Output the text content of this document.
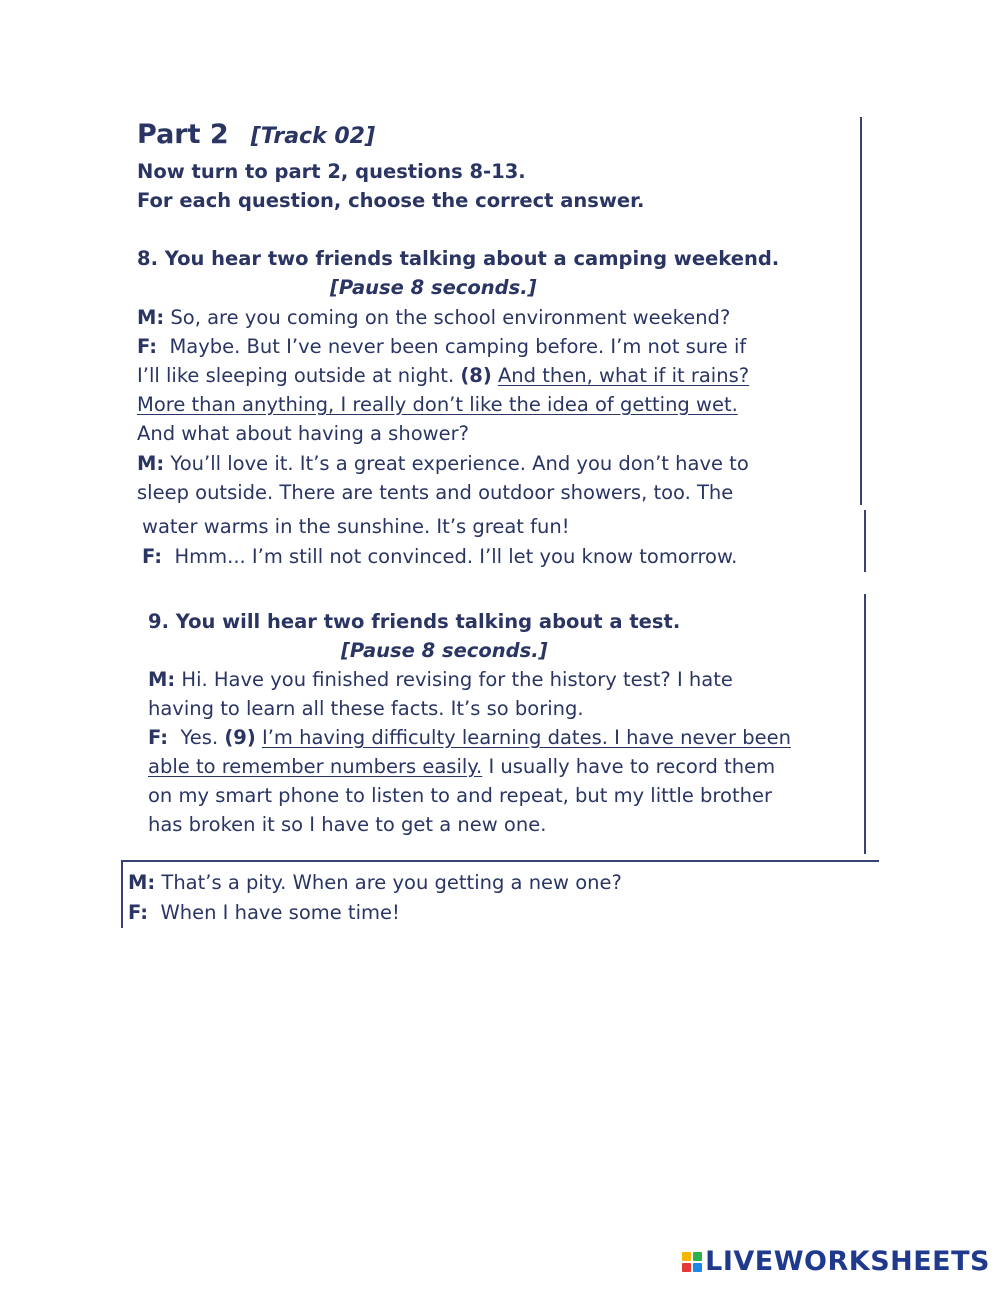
Part 2 [Track 02]
Now turn to part 2, questions 8-13.
For each question, choose the correct answer.
8. You hear two friends talking about a camping weekend.
[Pause 8 seconds.]
M: So, are you coming on the school environment weekend?
F: Maybe. But I’ve never been camping before. I’m not sure if
I’ll like sleeping outside at night. (8) And then, what if it rains?
More than anything, I really don’t like the idea of getting wet.
And what about having a shower?
M: You’ll love it. It’s a great experience. And you don’t have to
sleep outside. There are tents and outdoor showers, too. The
water warms in the sunshine. It’s great fun!
F: Hmm... I’m still not convinced. I’ll let you know tomorrow.
9. You will hear two friends talking about a test.
[Pause 8 seconds.]
M: Hi. Have you finished revising for the history test? I hate
having to learn all these facts. It’s so boring.
F: Yes. (9) I’m having difficulty learning dates. I have never been
able to remember numbers easily. I usually have to record them
on my smart phone to listen to and repeat, but my little brother
has broken it so I have to get a new one.
M: That’s a pity. When are you getting a new one?
F: When I have some time!
LIVEWORKSHEETS
